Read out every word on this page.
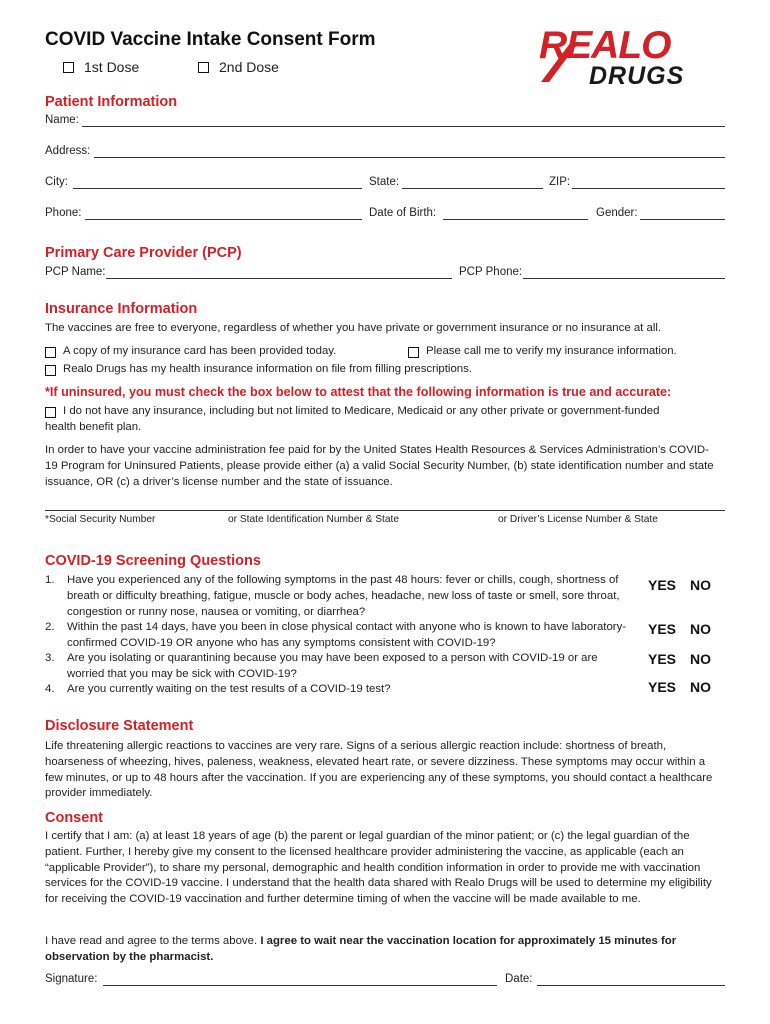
COVID Vaccine Intake Consent Form
1st Dose	2nd Dose	REALO
DRUGS
Patient Information
Name:
Address:
City:	State:	ZIP:
Phone:	Date of Birth:	Gender:
Primary Care Provider (PCP)
PCP Name:	PCP Phone:
Insurance Information
The vaccines are free to everyone, regardless of whether you have private or government insurance or no insurance at all.
A copy of my insurance card has been provided today.	Please call me to verify my insurance information.
Realo Drugs has my health insurance information on file from filling prescriptions.
*If uninsured, you must check the box below to attest that the following information is true and accurate:
I do not have any insurance, including but not limited to Medicare, Medicaid or any other private or government-funded
health benefit plan.
In order to have your vaccine administration fee paid for by the United States Health Resources & Services Administration’s COVID-19 Program for Uninsured Patients, please provide either (a) a valid Social Security Number, (b) state identification number and state issuance, OR (c) a driver’s license number and the state of issuance.
*Social Security Number	or State Identification Number & State	or Driver’s License Number & State
COVID-19 Screening Questions
1.	Have you experienced any of the following symptoms in the past 48 hours: fever or chills, cough, shortness of breath or difficulty breathing, fatigue, muscle or body aches, headache, new loss of taste or smell, sore throat, congestion or runny nose, nausea or vomiting, or diarrhea?
YES NO
2.	Within the past 14 days, have you been in close physical contact with anyone who is known to have laboratory-confirmed COVID-19 OR anyone who has any symptoms consistent with COVID-19?
YES NO
3.	Are you isolating or quarantining because you may have been exposed to a person with COVID-19 or are worried that you may be sick with COVID-19?
YES NO
4.	Are you currently waiting on the test results of a COVID-19 test?	YES NO
Disclosure Statement
Life threatening allergic reactions to vaccines are very rare. Signs of a serious allergic reaction include: shortness of breath, hoarseness of wheezing, hives, paleness, weakness, elevated heart rate, or severe dizziness. These symptoms may occur within a few minutes, or up to 48 hours after the vaccination. If you are experiencing any of these symptoms, you should contact a healthcare provider immediately.
Consent
I certify that I am: (a) at least 18 years of age (b) the parent or legal guardian of the minor patient; or (c) the legal guardian of the patient. Further, I hereby give my consent to the licensed healthcare provider administering the vaccine, as applicable (each an “applicable Provider”), to share my personal, demographic and health condition information in order to provide me with vaccination services for the COVID-19 vaccine. I understand that the health data shared with Realo Drugs will be used to determine my eligibility for receiving the COVID-19 vaccination and further determine timing of when the vaccine will be made available to me.
I have read and agree to the terms above. I agree to wait near the vaccination location for approximately 15 minutes for observation by the pharmacist.
Signature:	Date:
